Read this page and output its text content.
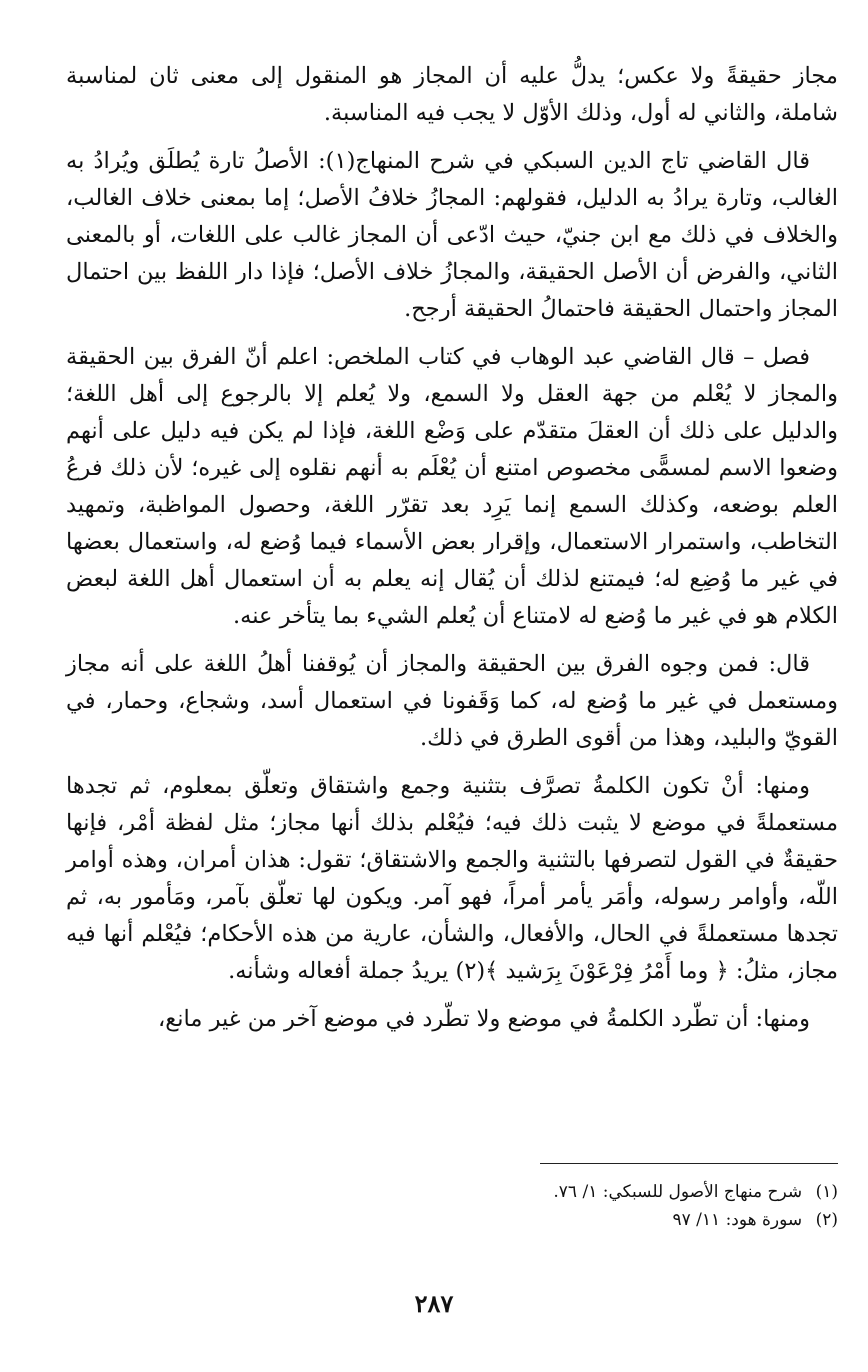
مجاز حقيقةً ولا عكس؛ يدلُّ عليه أن المجاز هو المنقول إلى معنى ثان لمناسبة شاملة، والثاني له أول، وذلك الأوّل لا يجب فيه المناسبة.

قال القاضي تاج الدين السبكي في شرح المنهاج(١): الأصلُ تارة يُطلَق ويُرادُ به الغالب، وتارة يرادُ به الدليل، فقولهم: المجازُ خلافُ الأصل؛ إما بمعنى خلاف الغالب، والخلاف في ذلك مع ابن جنيّ، حيث ادّعى أن المجاز غالب على اللغات، أو بالمعنى الثاني، والفرض أن الأصل الحقيقة، والمجازُ خلاف الأصل؛ فإذا دار اللفظ بين احتمال المجاز واحتمال الحقيقة فاحتمالُ الحقيقة أرجح.

فصل – قال القاضي عبد الوهاب في كتاب الملخص: اعلم أنّ الفرق بين الحقيقة والمجاز لا يُعْلم من جهة العقل ولا السمع، ولا يُعلم إلا بالرجوع إلى أهل اللغة؛ والدليل على ذلك أن العقلَ متقدّم على وَضْع اللغة، فإذا لم يكن فيه دليل على أنهم وضعوا الاسم لمسمًّى مخصوص امتنع أن يُعْلَم به أنهم نقلوه إلى غيره؛ لأن ذلك فرعُ العلم بوضعه، وكذلك السمع إنما يَرِد بعد تقرّر اللغة، وحصول المواظبة، وتمهيد التخاطب، واستمرار الاستعمال، وإقرار بعض الأسماء فيما وُضع له، واستعمال بعضها في غير ما وُضِع له؛ فيمتنع لذلك أن يُقال إنه يعلم به أن استعمال أهل اللغة لبعض الكلام هو في غير ما وُضع له لامتناع أن يُعلم الشيء بما يتأخر عنه.

قال: فمن وجوه الفرق بين الحقيقة والمجاز أن يُوقفنا أهلُ اللغة على أنه مجاز ومستعمل في غير ما وُضع له، كما وَقَفونا في استعمال أسد، وشجاع، وحمار، في القويّ والبليد، وهذا من أقوى الطرق في ذلك.

ومنها: أنْ تكون الكلمةُ تصرَّف بتثنية وجمع واشتقاق وتعلّق بمعلوم، ثم تجدها مستعملةً في موضع لا يثبت ذلك فيه؛ فيُعْلم بذلك أنها مجاز؛ مثل لفظة أمْر، فإنها حقيقةٌ في القول لتصرفها بالتثنية والجمع والاشتقاق؛ تقول: هذان أمران، وهذه أوامر اللّه، وأوامر رسوله، وأمَر يأمر أمراً، فهو آمر. ويكون لها تعلّق بآمر، ومَأمور به، ثم تجدها مستعملةً في الحال، والأفعال، والشأن، عارية من هذه الأحكام؛ فيُعْلم أنها فيه مجاز، مثلُ: ﴿ وما أَمْرُ فِرْعَوْنَ بِرَشيد ﴾(٢) يريدُ جملة أفعاله وشأنه.

ومنها: أن تطّرد الكلمةُ في موضع ولا تطّرد في موضع آخر من غير مانع،

(١) شرح منهاج الأصول للسبكي: ١/ ٧٦.

(٢) سورة هود: ١١/ ٩٧

٢٨٧
